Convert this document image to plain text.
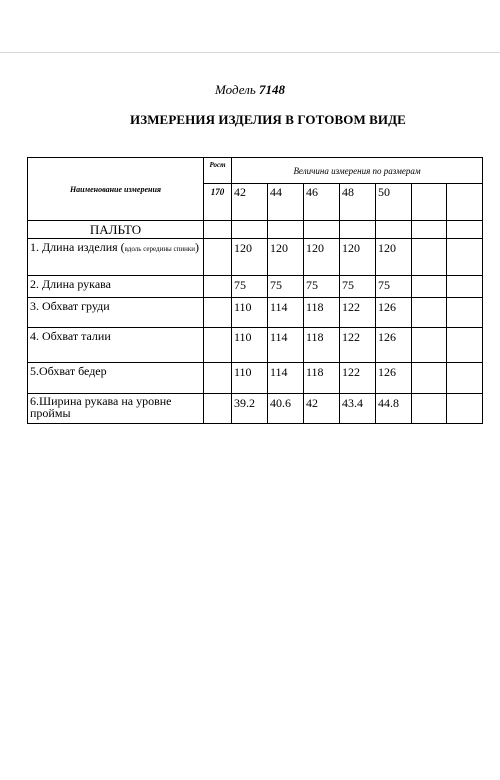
Модель 7148
ИЗМЕРЕНИЯ ИЗДЕЛИЯ В ГОТОВОМ ВИДЕ
Наименование измерения	Рост	Величина измерения по размерам						
	170	42	44	46	48	50		
ПАЛЬТО								
1. Длина изделия (вдоль середины спинки)		120	120	120	120	120		
2. Длина рукава		75	75	75	75	75		
3. Обхват груди		110	114	118	122	126		
4. Обхват талии		110	114	118	122	126		
5.Обхват бедер		110	114	118	122	126		
6.Ширина рукава на уровне проймы		39.2	40.6	42	43.4	44.8		
